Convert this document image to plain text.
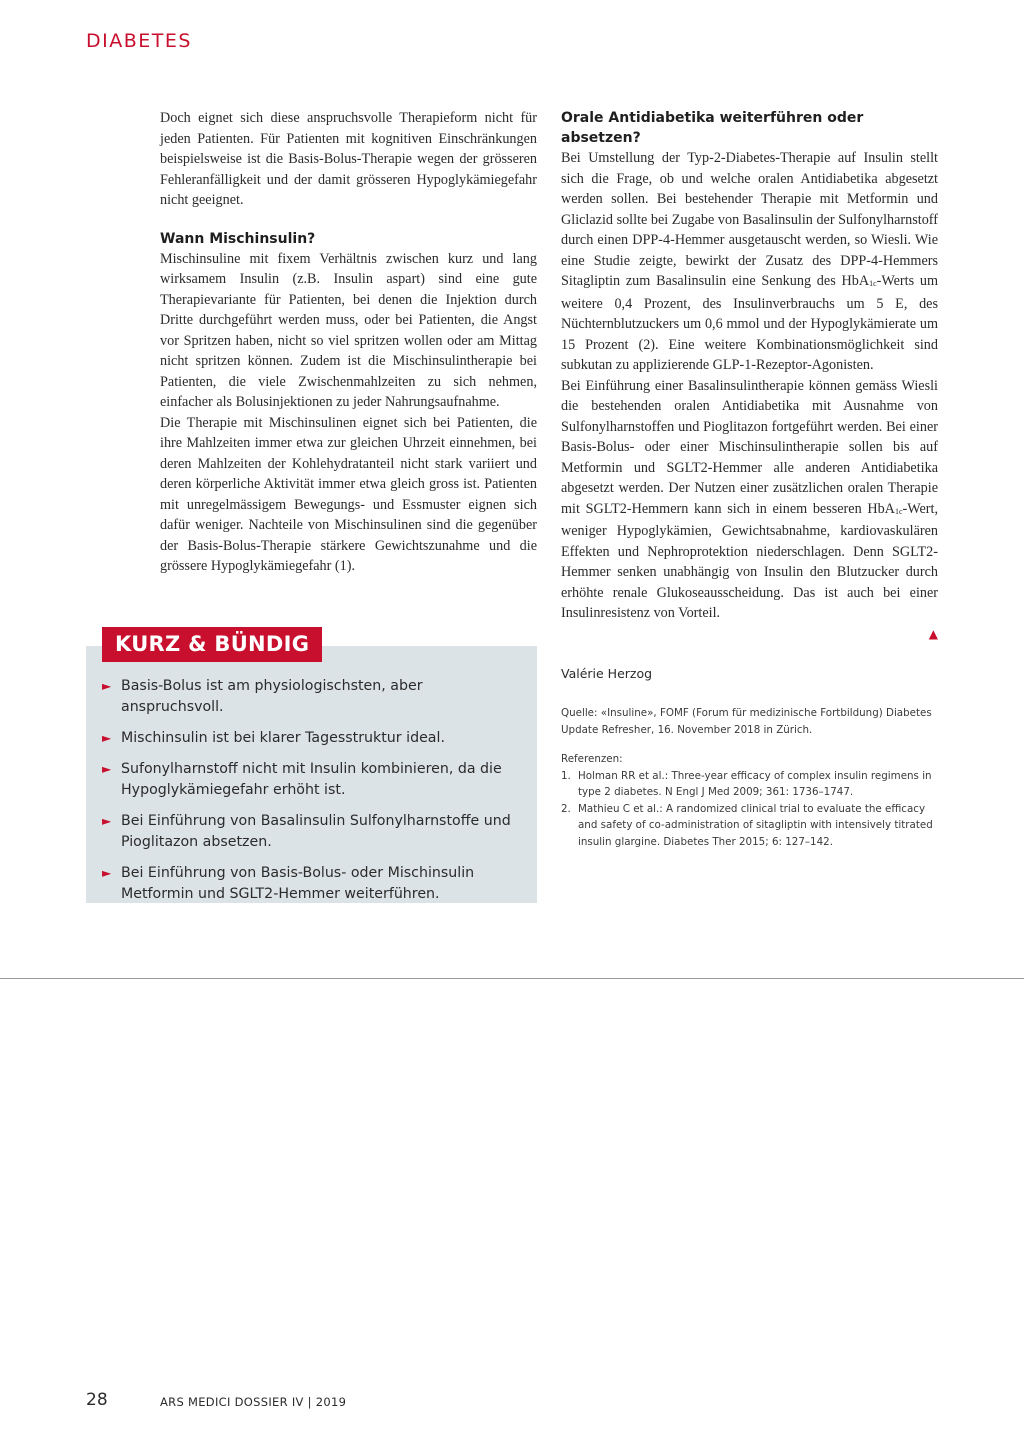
DIABETES

Doch eignet sich diese anspruchsvolle Therapieform nicht für jeden Patienten. Für Patienten mit kognitiven Einschränkungen beispielsweise ist die Basis-Bolus-Therapie wegen der grösseren Fehleranfälligkeit und der damit grösseren Hypoglykämiegefahr nicht geeignet.

Wann Mischinsulin?

Mischinsuline mit fixem Verhältnis zwischen kurz und lang wirksamem Insulin (z.B. Insulin aspart) sind eine gute Therapievariante für Patienten, bei denen die Injektion durch Dritte durchgeführt werden muss, oder bei Patienten, die Angst vor Spritzen haben, nicht so viel spritzen wollen oder am Mittag nicht spritzen können. Zudem ist die Mischinsulintherapie bei Patienten, die viele Zwischenmahlzeiten zu sich nehmen, einfacher als Bolusinjektionen zu jeder Nahrungsaufnahme.

Die Therapie mit Mischinsulinen eignet sich bei Patienten, die ihre Mahlzeiten immer etwa zur gleichen Uhrzeit einnehmen, bei deren Mahlzeiten der Kohlehydratanteil nicht stark variiert und deren körperliche Aktivität immer etwa gleich gross ist. Patienten mit unregelmässigem Bewegungs- und Essmuster eignen sich dafür weniger. Nachteile von Mischinsulinen sind die gegenüber der Basis-Bolus-Therapie stärkere Gewichtszunahme und die grössere Hypoglykämiegefahr (1).

Orale Antidiabetika weiterführen oder absetzen?

Bei Umstellung der Typ-2-Diabetes-Therapie auf Insulin stellt sich die Frage, ob und welche oralen Antidiabetika abgesetzt werden sollen. Bei bestehender Therapie mit Metformin und Gliclazid sollte bei Zugabe von Basalinsulin der Sulfonylharnstoff durch einen DPP-4-Hemmer ausgetauscht werden, so Wiesli. Wie eine Studie zeigte, bewirkt der Zusatz des DPP-4-Hemmers Sitagliptin zum Basalinsulin eine Senkung des HbA$_{1c}$-Werts um weitere 0,4 Prozent, des Insulinverbrauchs um 5 E, des Nüchternblutzuckers um 0,6 mmol und der Hypoglykämierate um 15 Prozent (2). Eine weitere Kombinationsmöglichkeit sind subkutan zu applizierende GLP-1-Rezeptor-Agonisten.

Bei Einführung einer Basalinsulintherapie können gemäss Wiesli die bestehenden oralen Antidiabetika mit Ausnahme von Sulfonylharnstoffen und Pioglitazon fortgeführt werden. Bei einer Basis-Bolus- oder einer Mischinsulintherapie sollen bis auf Metformin und SGLT2-Hemmer alle anderen Antidiabetika abgesetzt werden. Der Nutzen einer zusätzlichen oralen Therapie mit SGLT2-Hemmern kann sich in einem besseren HbA$_{1c}$-Wert, weniger Hypoglykämien, Gewichtsabnahme, kardiovaskulären Effekten und Nephroprotektion niederschlagen. Denn SGLT2-Hemmer senken unabhängig von Insulin den Blutzucker durch erhöhte renale Glukoseausscheidung. Das ist auch bei einer Insulinresistenz von Vorteil.

▲
KURZ & BÜNDIG
► Basis-Bolus ist am physiologischsten, aber anspruchsvoll.
► Mischinsulin ist bei klarer Tagesstruktur ideal.
► Sufonylharnstoff nicht mit Insulin kombinieren, da die Hypoglykämiegefahr erhöht ist.
► Bei Einführung von Basalinsulin Sulfonylharnstoffe und Pioglitazon absetzen.
► Bei Einführung von Basis-Bolus- oder Mischinsulin Metformin und SGLT2-Hemmer weiterführen.
Valérie Herzog
Quelle: «Insuline», FOMF (Forum für medizinische Fortbildung) Diabetes Update Refresher, 16. November 2018 in Zürich.
Referenzen:
1. Holman RR et al.: Three-year efficacy of complex insulin regimens in type 2 diabetes. N Engl J Med 2009; 361: 1736–1747.
2. Mathieu C et al.: A randomized clinical trial to evaluate the efficacy and safety of co-administration of sitagliptin with intensively titrated insulin glargine. Diabetes Ther 2015; 6: 127–142.
28	ARS MEDICI DOSSIER IV | 2019
